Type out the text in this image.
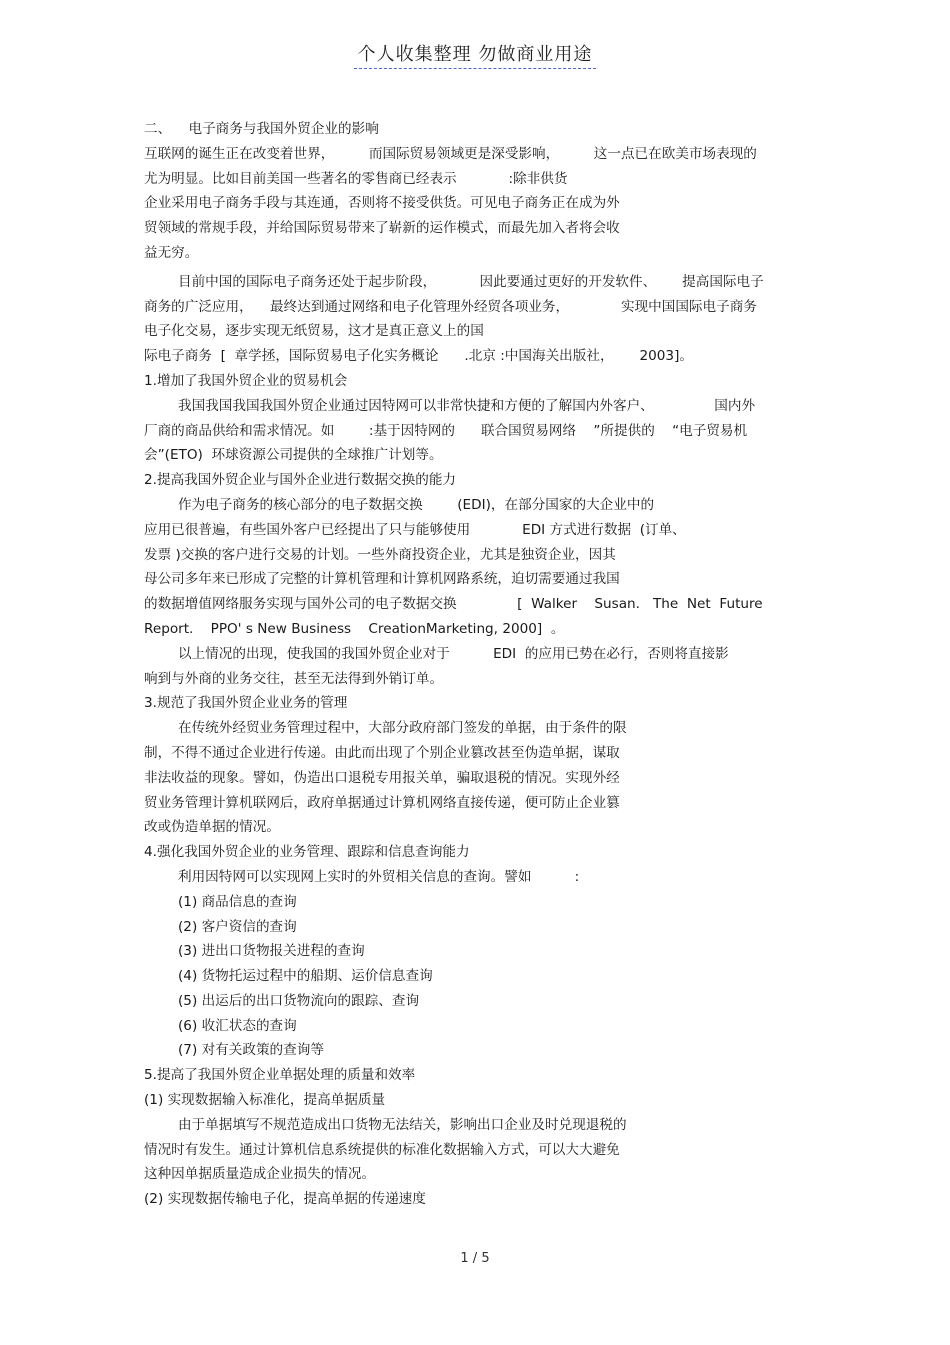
个人收集整理 勿做商业用途

二、    电子商务与我国外贸企业的影响

互联网的诞生正在改变着世界，        而国际贸易领域更是深受影响，        这一点已在欧美市场表现的

尤为明显。比如目前美国一些著名的零售商已经表示            :除非供货

企业采用电子商务手段与其连通，否则将不接受供货。可见电子商务正在成为外

贸领域的常规手段，并给国际贸易带来了崭新的运作模式，而最先加入者将会收

益无穷。

目前中国的国际电子商务还处于起步阶段，          因此要通过更好的开发软件、      提高国际电子

商务的广泛应用，    最终达到通过网络和电子化管理外经贸各项业务，            实现中国国际电子商务

电子化交易，逐步实现无纸贸易，这才是真正意义上的国

际电子商务  [  章学拯，国际贸易电子化实务概论      .北京 :中国海关出版社，      2003]。

1.增加了我国外贸企业的贸易机会

我国我国我国我国外贸企业通过因特网可以非常快捷和方便的了解国内外客户、              国内外

厂商的商品供给和需求情况。如        :基于因特网的      联合国贸易网络    ”所提供的    “电子贸易机

会”(ETO)  环球资源公司提供的全球推广计划等。

2.提高我国外贸企业与国外企业进行数据交换的能力

作为电子商务的核心部分的电子数据交换        (EDI)，在部分国家的大企业中的

应用已很普遍，有些国外客户已经提出了只与能够使用            EDI 方式进行数据  (订单、

发票 )交换的客户进行交易的计划。一些外商投资企业，尤其是独资企业，因其

母公司多年来已形成了完整的计算机管理和计算机网路系统，迫切需要通过我国

的数据增值网络服务实现与国外公司的电子数据交换              [  Walker    Susan.   The  Net  Future

Report.    PPO' s New Business    CreationMarketing, 2000]  。

以上情况的出现，使我国的我国外贸企业对于          EDI  的应用已势在必行，否则将直接影

响到与外商的业务交往，甚至无法得到外销订单。

3.规范了我国外贸企业业务的管理

在传统外经贸业务管理过程中，大部分政府部门签发的单据，由于条件的限

制，不得不通过企业进行传递。由此而出现了个别企业篡改甚至伪造单据，谋取

非法收益的现象。譬如，伪造出口退税专用报关单，骗取退税的情况。实现外经

贸业务管理计算机联网后，政府单据通过计算机网络直接传递，便可防止企业篡

改或伪造单据的情况。

4.强化我国外贸企业的业务管理、跟踪和信息查询能力

利用因特网可以实现网上实时的外贸相关信息的查询。譬如          :

(1) 商品信息的查询

(2) 客户资信的查询

(3) 进出口货物报关进程的查询

(4) 货物托运过程中的船期、运价信息查询

(5) 出运后的出口货物流向的跟踪、查询

(6) 收汇状态的查询

(7) 对有关政策的查询等

5.提高了我国外贸企业单据处理的质量和效率

(1) 实现数据输入标准化，提高单据质量

由于单据填写不规范造成出口货物无法结关，影响出口企业及时兑现退税的

情况时有发生。通过计算机信息系统提供的标准化数据输入方式，可以大大避免

这种因单据质量造成企业损失的情况。

(2) 实现数据传输电子化，提高单据的传递速度

1 / 5
